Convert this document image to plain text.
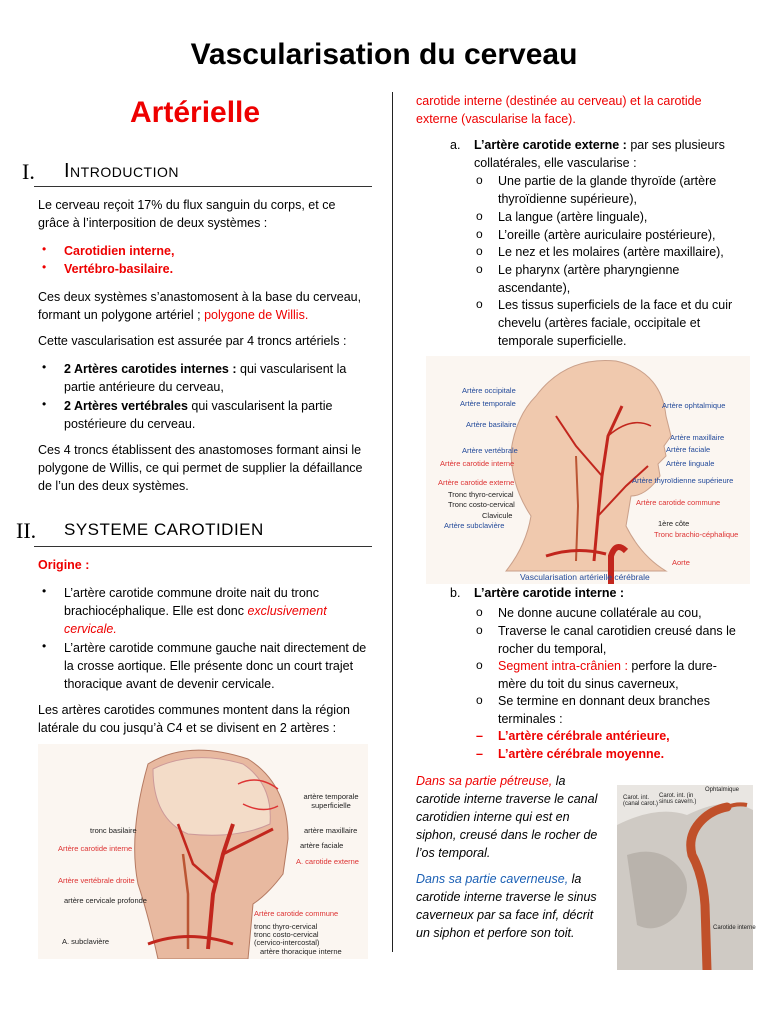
Vascularisation du cerveau
Artérielle
I. Introduction
Le cerveau reçoit 17% du flux sanguin du corps, et ce grâce à l’interposition de deux systèmes :
• Carotidien interne,
• Vertébro-basilaire.
Ces deux systèmes s’anastomosent à la base du cerveau, formant un polygone artériel ; polygone de Willis.
Cette vascularisation est assurée par 4 troncs artériels :
• 2 Artères carotides internes : qui vascularisent la partie antérieure du cerveau,
• 2 Artères vertébrales qui vascularisent la partie postérieure du cerveau.
Ces 4 troncs établissent des anastomoses formant ainsi le polygone de Willis, ce qui permet de supplier la défaillance de l’un des deux systèmes.
II. SYSTEME CAROTIDIEN
Origine :
• L’artère carotide commune droite nait du tronc brachiocéphalique. Elle est donc exclusivement cervicale.
• L’artère carotide commune gauche nait directement de la crosse aortique. Elle présente donc un court trajet thoracique avant de devenir cervicale.
Les artères carotides communes montent dans la région latérale du cou jusqu’à C4 et se divisent en 2 artères :
tronc basilaire
Artère carotide interne
Artère vertébrale droite
artère cervicale profonde
A. subclavière
artère temporale superficielle
artère maxillaire
artère faciale
A. carotide externe
Artère carotide commune
tronc thyro-cervical
tronc costo-cervical
(cervico-intercostal)
artère thoracique interne
carotide interne (destinée au cerveau) et la carotide externe (vascularise la face).
a. L’artère carotide externe : par ses plusieurs collatérales, elle vascularise :
o Une partie de la glande thyroïde (artère thyroïdienne supérieure),
o La langue (artère linguale),
o L’oreille (artère auriculaire postérieure),
o Le nez et les molaires (artère maxillaire),
o Le pharynx (artère pharyngienne ascendante),
o Les tissus superficiels de la face et du cuir chevelu (artères faciale, occipitale et temporale superficielle.
Artère occipitale
Artère temporale
Artère basilaire
Artère vertébrale
Artère carotide interne
Artère carotide externe
Tronc thyro-cervical
Tronc costo-cervical
Clavicule
Artère subclavière
Artère ophtalmique
Artère maxillaire
Artère faciale
Artère linguale
Artère thyroïdienne supérieure
Artère carotide commune
1ère côte
Tronc brachio-céphalique
Aorte
Vascularisation artérielle cérébrale
b. L’artère carotide interne :
o Ne donne aucune collatérale au cou,
o Traverse le canal carotidien creusé dans le rocher du temporal,
o Segment intra-crânien : perfore la dure-mère du toit du sinus caverneux,
o Se termine en donnant deux branches terminales :
– L’artère cérébrale antérieure,
– L’artère cérébrale moyenne.
Dans sa partie pétreuse, la carotide interne traverse le canal carotidien interne qui est en siphon, creusé dans le rocher de l’os temporal.
Dans sa partie caverneuse, la carotide interne traverse le sinus caverneux par sa face inf, décrit un siphon et perfore son toit.
Carot. int. (canal carot.)
Carot. int. (in sinus cavern.)
Ophtalmique
Carotide interne
